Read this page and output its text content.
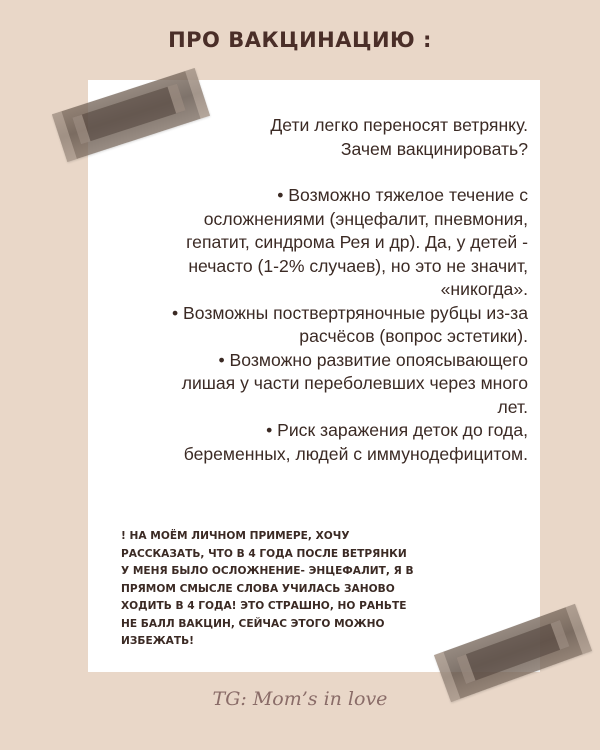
ПРО ВАКЦИНАЦИЮ :

Дети легко переносят ветрянку.
Зачем вакцинировать?

• Возможно тяжелое течение с
осложнениями (энцефалит, пневмония,
гепатит, синдрома Рея и др). Да, у детей -
нечасто (1-2% случаев), но это не значит,
«никогда».

• Возможны поствертряночные рубцы из-за
расчёсов (вопрос эстетики).

• Возможно развитие опоясывающего
лишая у части переболевших через много
лет.

• Риск заражения деток до года,
беременных, людей с иммунодефицитом.

! НА МОЁМ ЛИЧНОМ ПРИМЕРЕ, ХОЧУ
РАССКАЗАТЬ, ЧТО В 4 ГОДА ПОСЛЕ ВЕТРЯНКИ
У МЕНЯ БЫЛО ОСЛОЖНЕНИЕ- ЭНЦЕФАЛИТ, Я В
ПРЯМОМ СМЫСЛЕ СЛОВА УЧИЛАСЬ ЗАНОВО
ХОДИТЬ В 4 ГОДА! ЭТО СТРАШНО, НО РАНЬТЕ
НЕ БАЛЛ ВАКЦИН, СЕЙЧАС ЭТОГО МОЖНО
ИЗБЕЖАТЬ!
TG: Mom’s in love
